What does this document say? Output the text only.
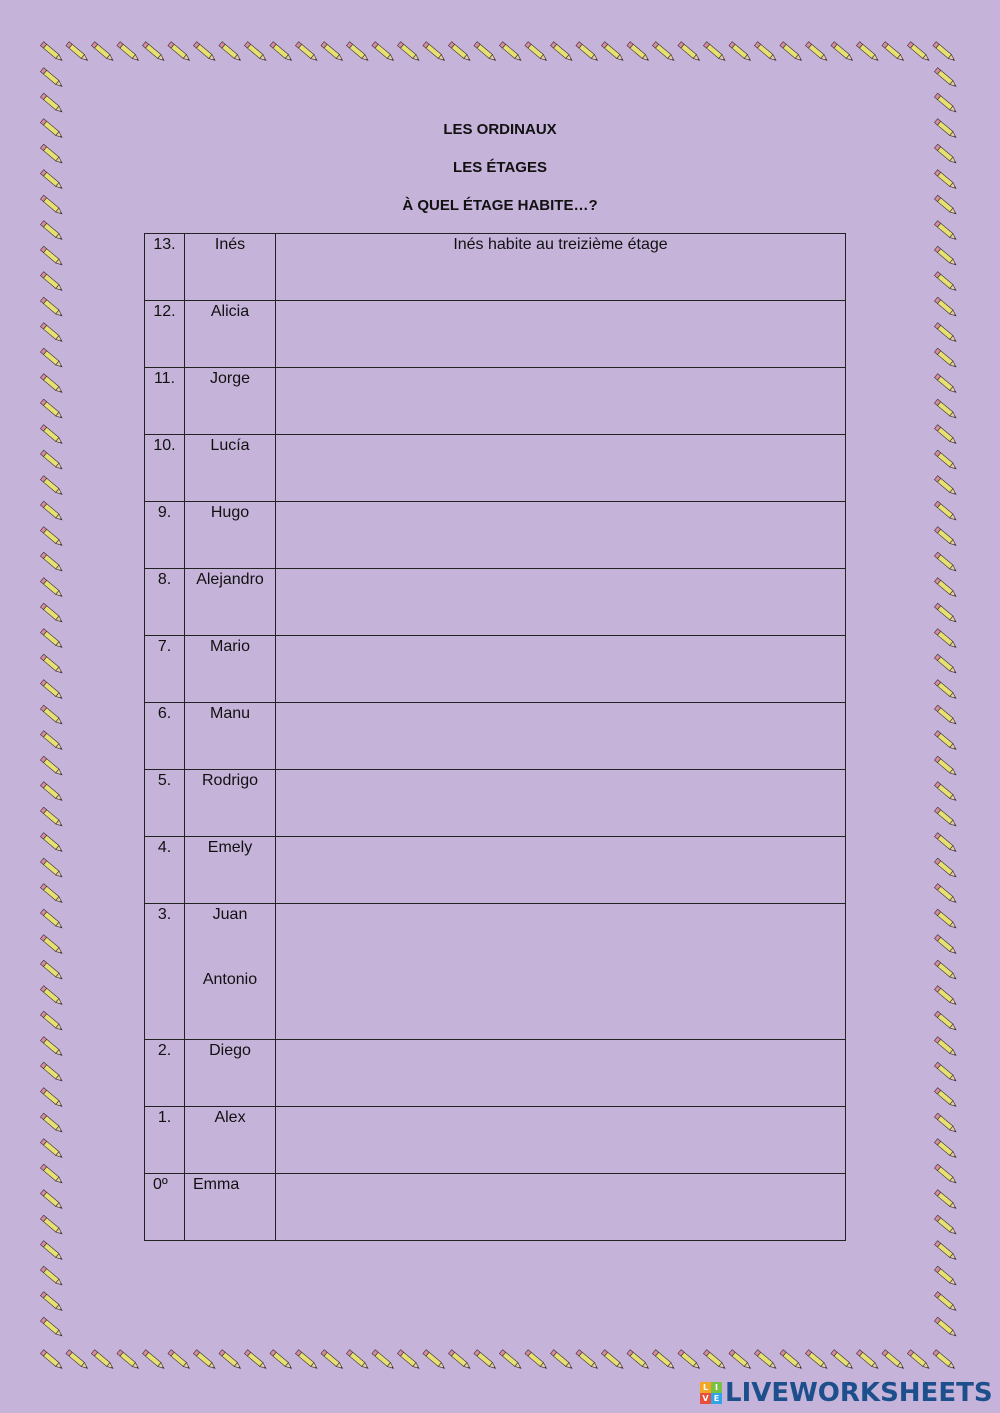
LES ORDINAUX
LES ÉTAGES
À QUEL ÉTAGE HABITE…?
13.	Inés	Inés habite au treizième étage

12.	Alicia	

11.	Jorge	

10.	Lucía	

9.	Hugo	

8.	Alejandro	

7.	Mario	

6.	Manu	

5.	Rodrigo	

4.	Emely	

3.	Juan
Antonio	

2.	Diego	

1.	Alex	

0º	Emma	

L I
V E LIVEWORKSHEETS
